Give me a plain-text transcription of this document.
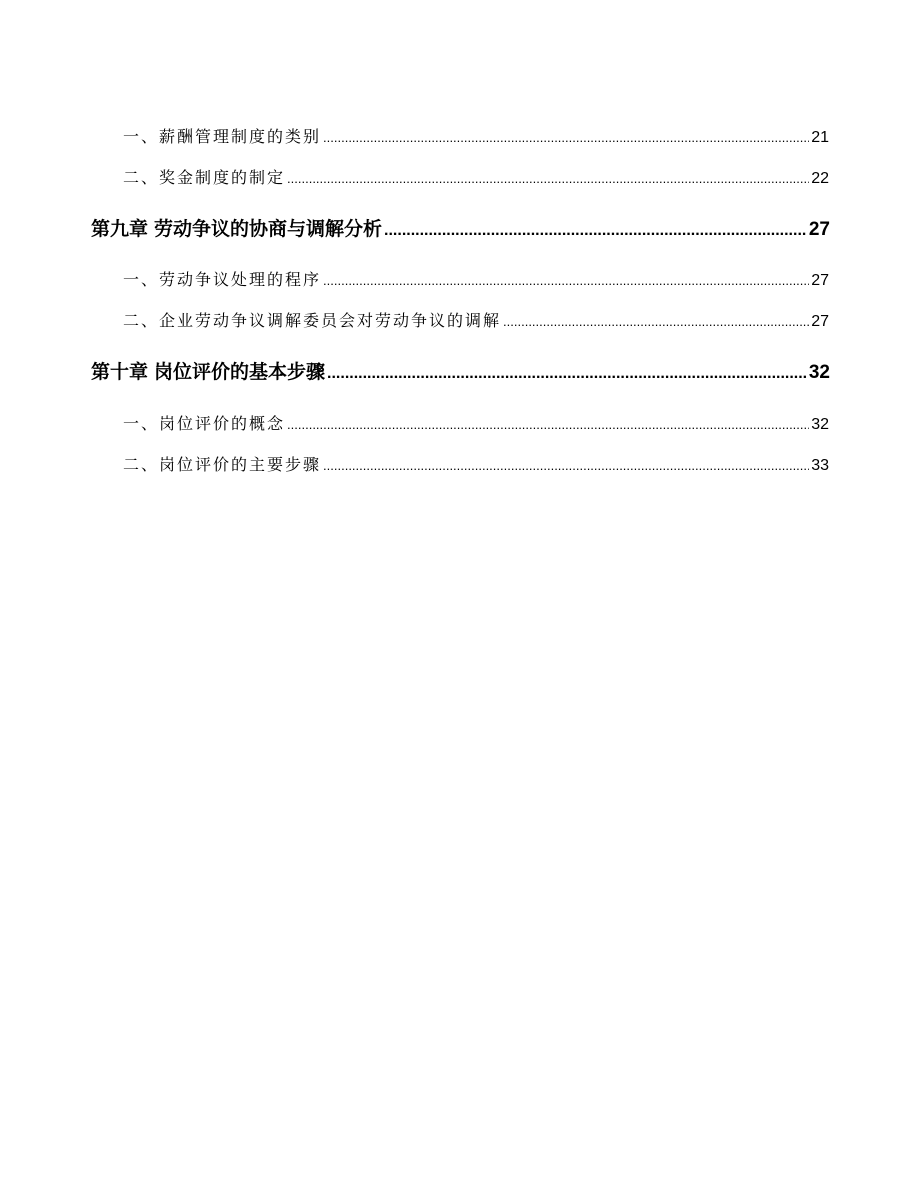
一、 薪酬管理制度的类别 .....	21
二、 奖金制度的制定 .....	22
第九章 劳动争议的协商与调解分析 .....	27
一、 劳动争议处理的程序 .....	27
二、 企业劳动争议调解委员会对劳动争议的调解 .....	27
第十章 岗位评价的基本步骤 .....	32
一、 岗位评价的概念 .....	32
二、 岗位评价的主要步骤 .....	33
